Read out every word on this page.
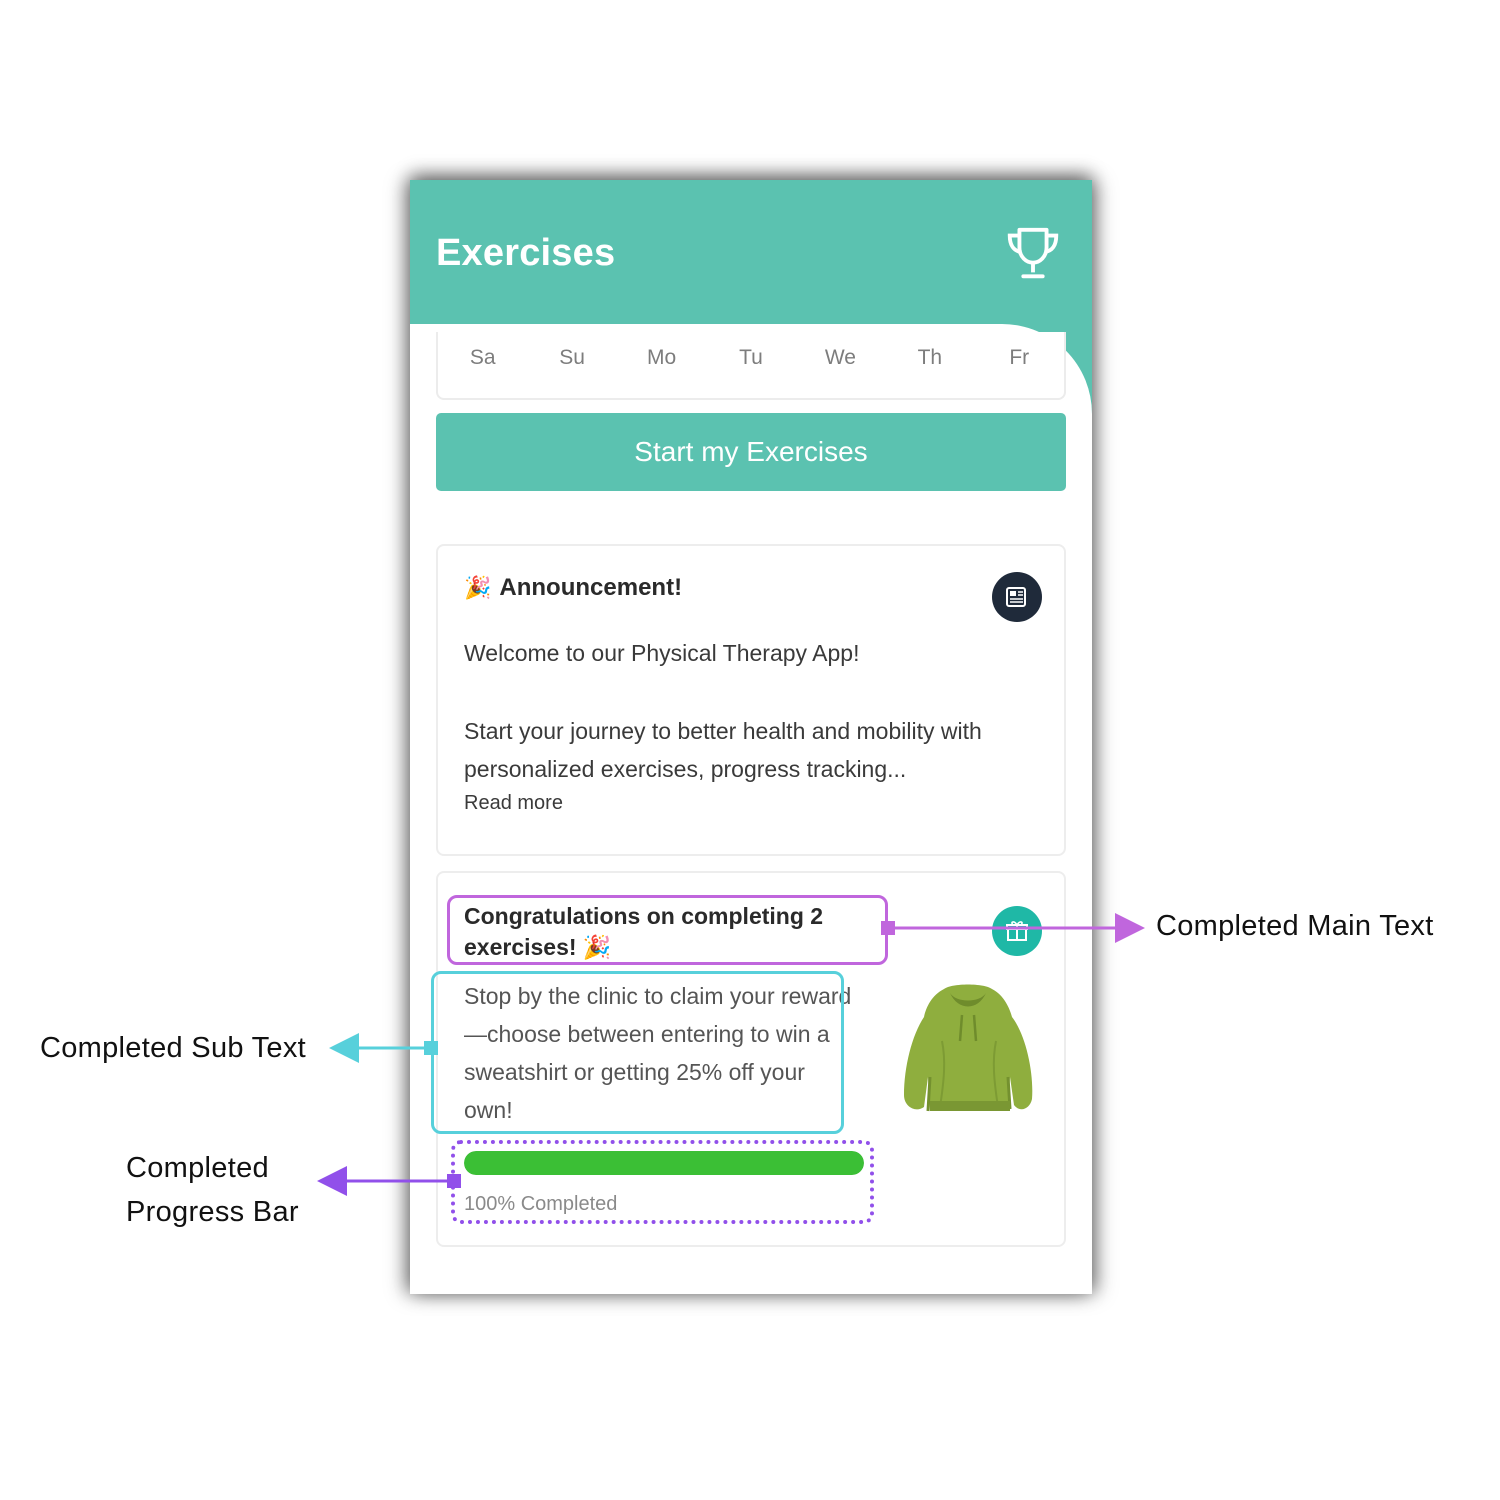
Exercises
Sa	Su	Mo	Tu	We	Th	Fr
Start my Exercises
🎉 Announcement!
Welcome to our Physical Therapy App!
Start your journey to better health and mobility with personalized exercises, progress tracking...
Read more
Congratulations on completing 2 exercises! 🎉
Stop by the clinic to claim your reward—choose between entering to win a sweatshirt or getting 25% off your own!
100% Completed
Completed Main Text
Completed Sub Text
Completed
Progress Bar
